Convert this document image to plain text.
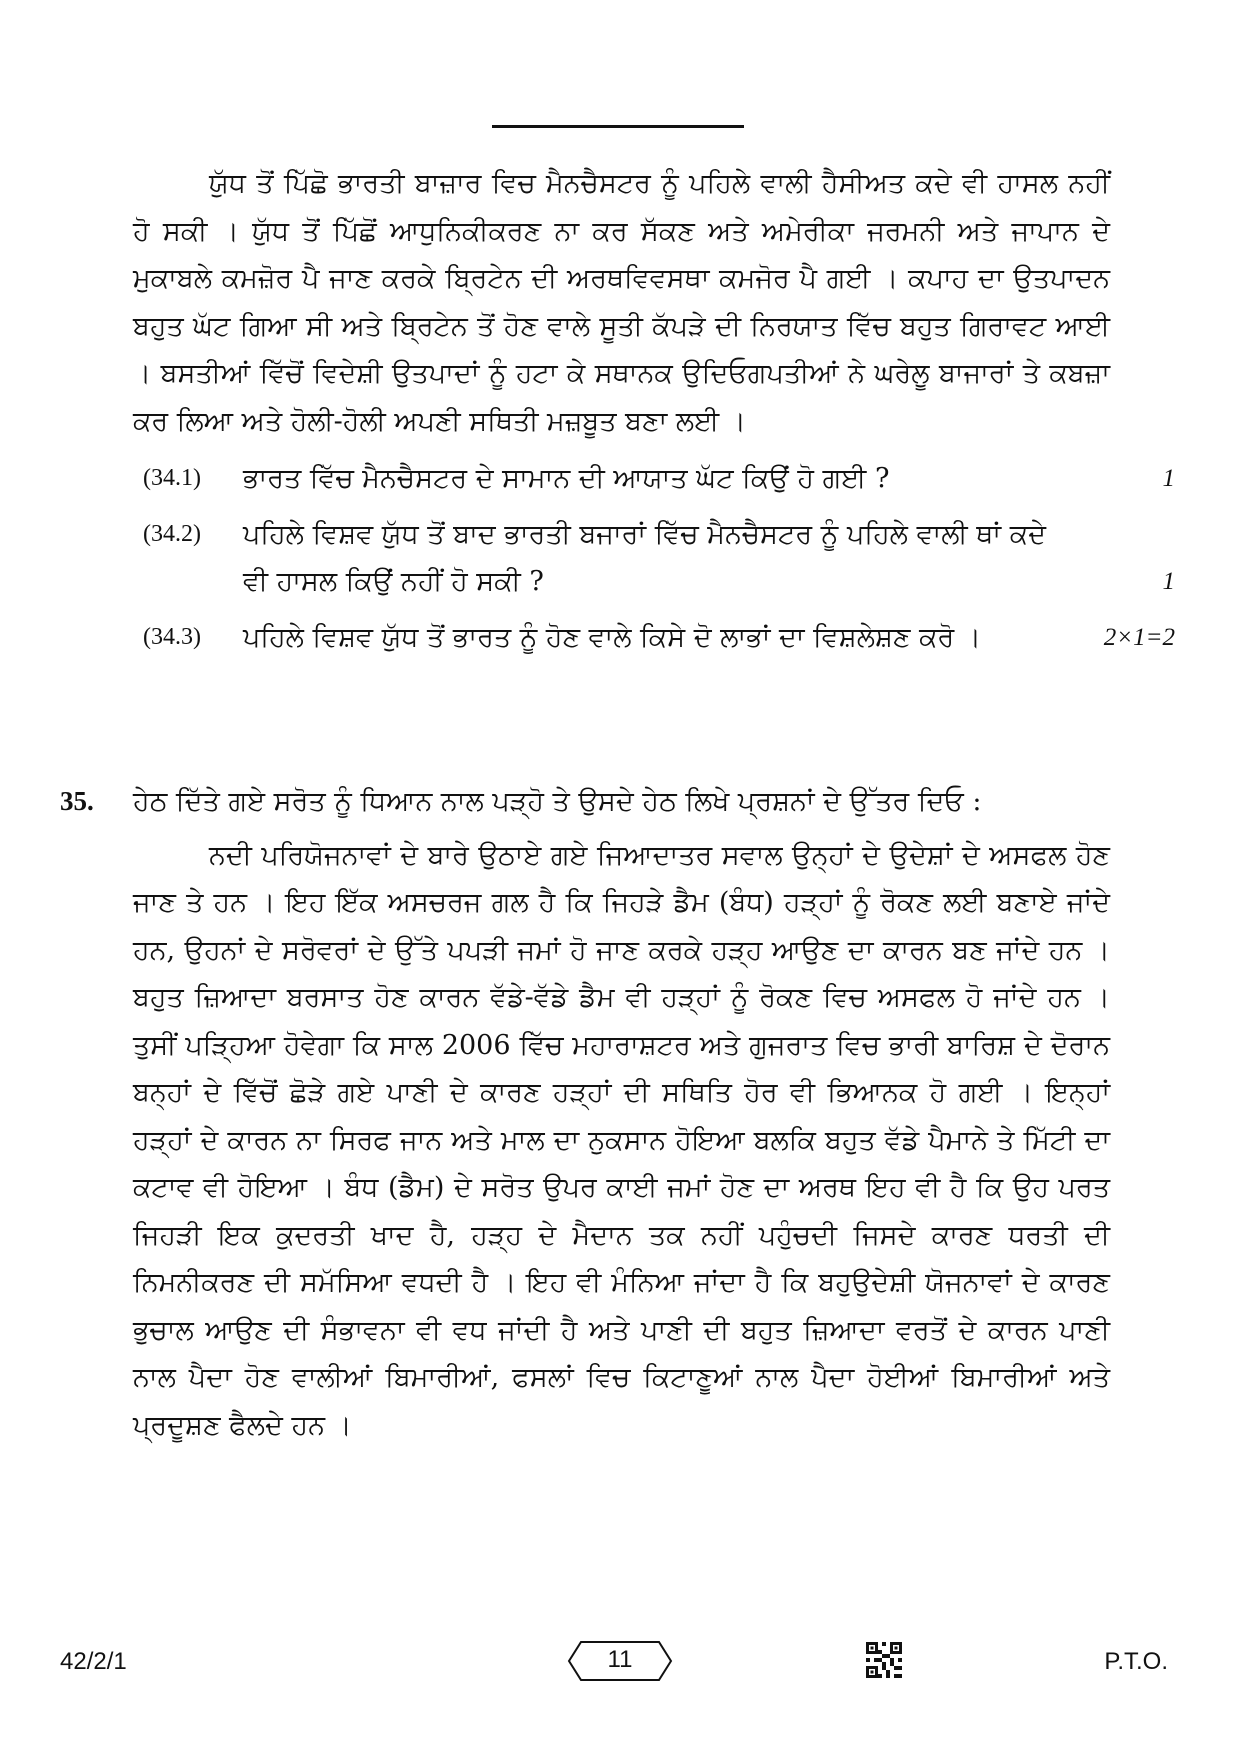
ਯੁੱਧ ਤੋਂ ਪਿੱਛੋ ਭਾਰਤੀ ਬਾਜ਼ਾਰ ਵਿਚ ਮੈਨਚੈਸਟਰ ਨੂੰ ਪਹਿਲੇ ਵਾਲੀ ਹੈਸੀਅਤ ਕਦੇ ਵੀ ਹਾਸਲ ਨਹੀਂ ਹੋ ਸਕੀ । ਯੁੱਧ ਤੋਂ ਪਿੱਛੋਂ ਆਧੁਨਿਕੀਕਰਣ ਨਾ ਕਰ ਸੱਕਣ ਅਤੇ ਅਮੇਰੀਕਾ ਜਰਮਨੀ ਅਤੇ ਜਾਪਾਨ ਦੇ ਮੁਕਾਬਲੇ ਕਮਜ਼ੋਰ ਪੈ ਜਾਣ ਕਰਕੇ ਬ੍ਰਿਟੇਨ ਦੀ ਅਰਥਵਿਵਸਥਾ ਕਮਜੋਰ ਪੈ ਗਈ । ਕਪਾਹ ਦਾ ਉਤਪਾਦਨ ਬਹੁਤ ਘੱਟ ਗਿਆ ਸੀ ਅਤੇ ਬ੍ਰਿਟੇਨ ਤੋਂ ਹੋਣ ਵਾਲੇ ਸੂਤੀ ਕੱਪੜੇ ਦੀ ਨਿਰਯਾਤ ਵਿੱਚ ਬਹੁਤ ਗਿਰਾਵਟ ਆਈ । ਬਸਤੀਆਂ ਵਿੱਚੋਂ ਵਿਦੇਸ਼ੀ ਉਤਪਾਦਾਂ ਨੂੰ ਹਟਾ ਕੇ ਸਥਾਨਕ ਉਦਿਓਗਪਤੀਆਂ ਨੇ ਘਰੇਲੂ ਬਾਜਾਰਾਂ ਤੇ ਕਬਜ਼ਾ ਕਰ ਲਿਆ ਅਤੇ ਹੋਲੀ-ਹੋਲੀ ਅਪਣੀ ਸਥਿਤੀ ਮਜ਼ਬੂਤ ਬਣਾ ਲਈ ।

(34.1) ਭਾਰਤ ਵਿੱਚ ਮੈਨਚੈਸਟਰ ਦੇ ਸਾਮਾਨ ਦੀ ਆਯਾਤ ਘੱਟ ਕਿਉਂ ਹੋ ਗਈ ?	1
(34.2) ਪਹਿਲੇ ਵਿਸ਼ਵ ਯੁੱਧ ਤੋਂ ਬਾਦ ਭਾਰਤੀ ਬਜਾਰਾਂ ਵਿੱਚ ਮੈਨਚੈਸਟਰ ਨੂੰ ਪਹਿਲੇ ਵਾਲੀ ਥਾਂ ਕਦੇ ਵੀ ਹਾਸਲ ਕਿਉਂ ਨਹੀਂ ਹੋ ਸਕੀ ?	1
(34.3) ਪਹਿਲੇ ਵਿਸ਼ਵ ਯੁੱਧ ਤੋਂ ਭਾਰਤ ਨੂੰ ਹੋਣ ਵਾਲੇ ਕਿਸੇ ਦੋ ਲਾਭਾਂ ਦਾ ਵਿਸ਼ਲੇਸ਼ਣ ਕਰੋ ।	2×1=2
35. ਹੇਠ ਦਿੱਤੇ ਗਏ ਸਰੋਤ ਨੂੰ ਧਿਆਨ ਨਾਲ ਪੜ੍ਹੋ ਤੇ ਉਸਦੇ ਹੇਠ ਲਿਖੇ ਪ੍ਰਸ਼ਨਾਂ ਦੇ ਉੱਤਰ ਦਿਓ :

ਨਦੀ ਪਰਿਯੋਜਨਾਵਾਂ ਦੇ ਬਾਰੇ ਉਠਾਏ ਗਏ ਜਿਆਦਾਤਰ ਸਵਾਲ ਉਨ੍ਹਾਂ ਦੇ ਉਦੇਸ਼ਾਂ ਦੇ ਅਸਫਲ ਹੋਣ ਜਾਣ ਤੇ ਹਨ । ਇਹ ਇੱਕ ਅਸਚਰਜ ਗਲ ਹੈ ਕਿ ਜਿਹੜੇ ਡੈਮ (ਬੰਧ) ਹੜ੍ਹਾਂ ਨੂੰ ਰੋਕਣ ਲਈ ਬਣਾਏ ਜਾਂਦੇ ਹਨ, ਉਹਨਾਂ ਦੇ ਸਰੋਵਰਾਂ ਦੇ ਉੱਤੇ ਪਪੜੀ ਜਮਾਂ ਹੋ ਜਾਣ ਕਰਕੇ ਹੜ੍ਹ ਆਉਣ ਦਾ ਕਾਰਨ ਬਣ ਜਾਂਦੇ ਹਨ । ਬਹੁਤ ਜ਼ਿਆਦਾ ਬਰਸਾਤ ਹੋਣ ਕਾਰਨ ਵੱਡੇ-ਵੱਡੇ ਡੈਮ ਵੀ ਹੜ੍ਹਾਂ ਨੂੰ ਰੋਕਣ ਵਿਚ ਅਸਫਲ ਹੋ ਜਾਂਦੇ ਹਨ । ਤੁਸੀਂ ਪੜ੍ਹਿਆ ਹੋਵੇਗਾ ਕਿ ਸਾਲ 2006 ਵਿੱਚ ਮਹਾਰਾਸ਼ਟਰ ਅਤੇ ਗੁਜਰਾਤ ਵਿਚ ਭਾਰੀ ਬਾਰਿਸ਼ ਦੇ ਦੋਰਾਨ ਬਨ੍ਹਾਂ ਦੇ ਵਿੱਚੋਂ ਛੋੜੇ ਗਏ ਪਾਣੀ ਦੇ ਕਾਰਣ ਹੜ੍ਹਾਂ ਦੀ ਸਥਿਤਿ ਹੋਰ ਵੀ ਭਿਆਨਕ ਹੋ ਗਈ । ਇਨ੍ਹਾਂ ਹੜ੍ਹਾਂ ਦੇ ਕਾਰਨ ਨਾ ਸਿਰਫ ਜਾਨ ਅਤੇ ਮਾਲ ਦਾ ਨੁਕਸਾਨ ਹੋਇਆ ਬਲਕਿ ਬਹੁਤ ਵੱਡੇ ਪੈਮਾਨੇ ਤੇ ਮਿੱਟੀ ਦਾ ਕਟਾਵ ਵੀ ਹੋਇਆ । ਬੰਧ (ਡੈਮ) ਦੇ ਸਰੋਤ ਉਪਰ ਕਾਈ ਜਮਾਂ ਹੋਣ ਦਾ ਅਰਥ ਇਹ ਵੀ ਹੈ ਕਿ ਉਹ ਪਰਤ ਜਿਹੜੀ ਇਕ ਕੁਦਰਤੀ ਖਾਦ ਹੈ, ਹੜ੍ਹ ਦੇ ਮੈਦਾਨ ਤਕ ਨਹੀਂ ਪਹੁੰਚਦੀ ਜਿਸਦੇ ਕਾਰਣ ਧਰਤੀ ਦੀ ਨਿਮਨੀਕਰਣ ਦੀ ਸਮੱਸਿਆ ਵਧਦੀ ਹੈ । ਇਹ ਵੀ ਮੰਨਿਆ ਜਾਂਦਾ ਹੈ ਕਿ ਬਹੁਉਦੇਸ਼ੀ ਯੋਜਨਾਵਾਂ ਦੇ ਕਾਰਣ ਭੁਚਾਲ ਆਉਣ ਦੀ ਸੰਭਾਵਨਾ ਵੀ ਵਧ ਜਾਂਦੀ ਹੈ ਅਤੇ ਪਾਣੀ ਦੀ ਬਹੁਤ ਜ਼ਿਆਦਾ ਵਰਤੋਂ ਦੇ ਕਾਰਨ ਪਾਣੀ ਨਾਲ ਪੈਦਾ ਹੋਣ ਵਾਲੀਆਂ ਬਿਮਾਰੀਆਂ, ਫਸਲਾਂ ਵਿਚ ਕਿਟਾਣੂਆਂ ਨਾਲ ਪੈਦਾ ਹੋਈਆਂ ਬਿਮਾਰੀਆਂ ਅਤੇ ਪ੍ਰਦੂਸ਼ਣ ਫੈਲਦੇ ਹਨ ।

42/2/1	11	P.T.O.
